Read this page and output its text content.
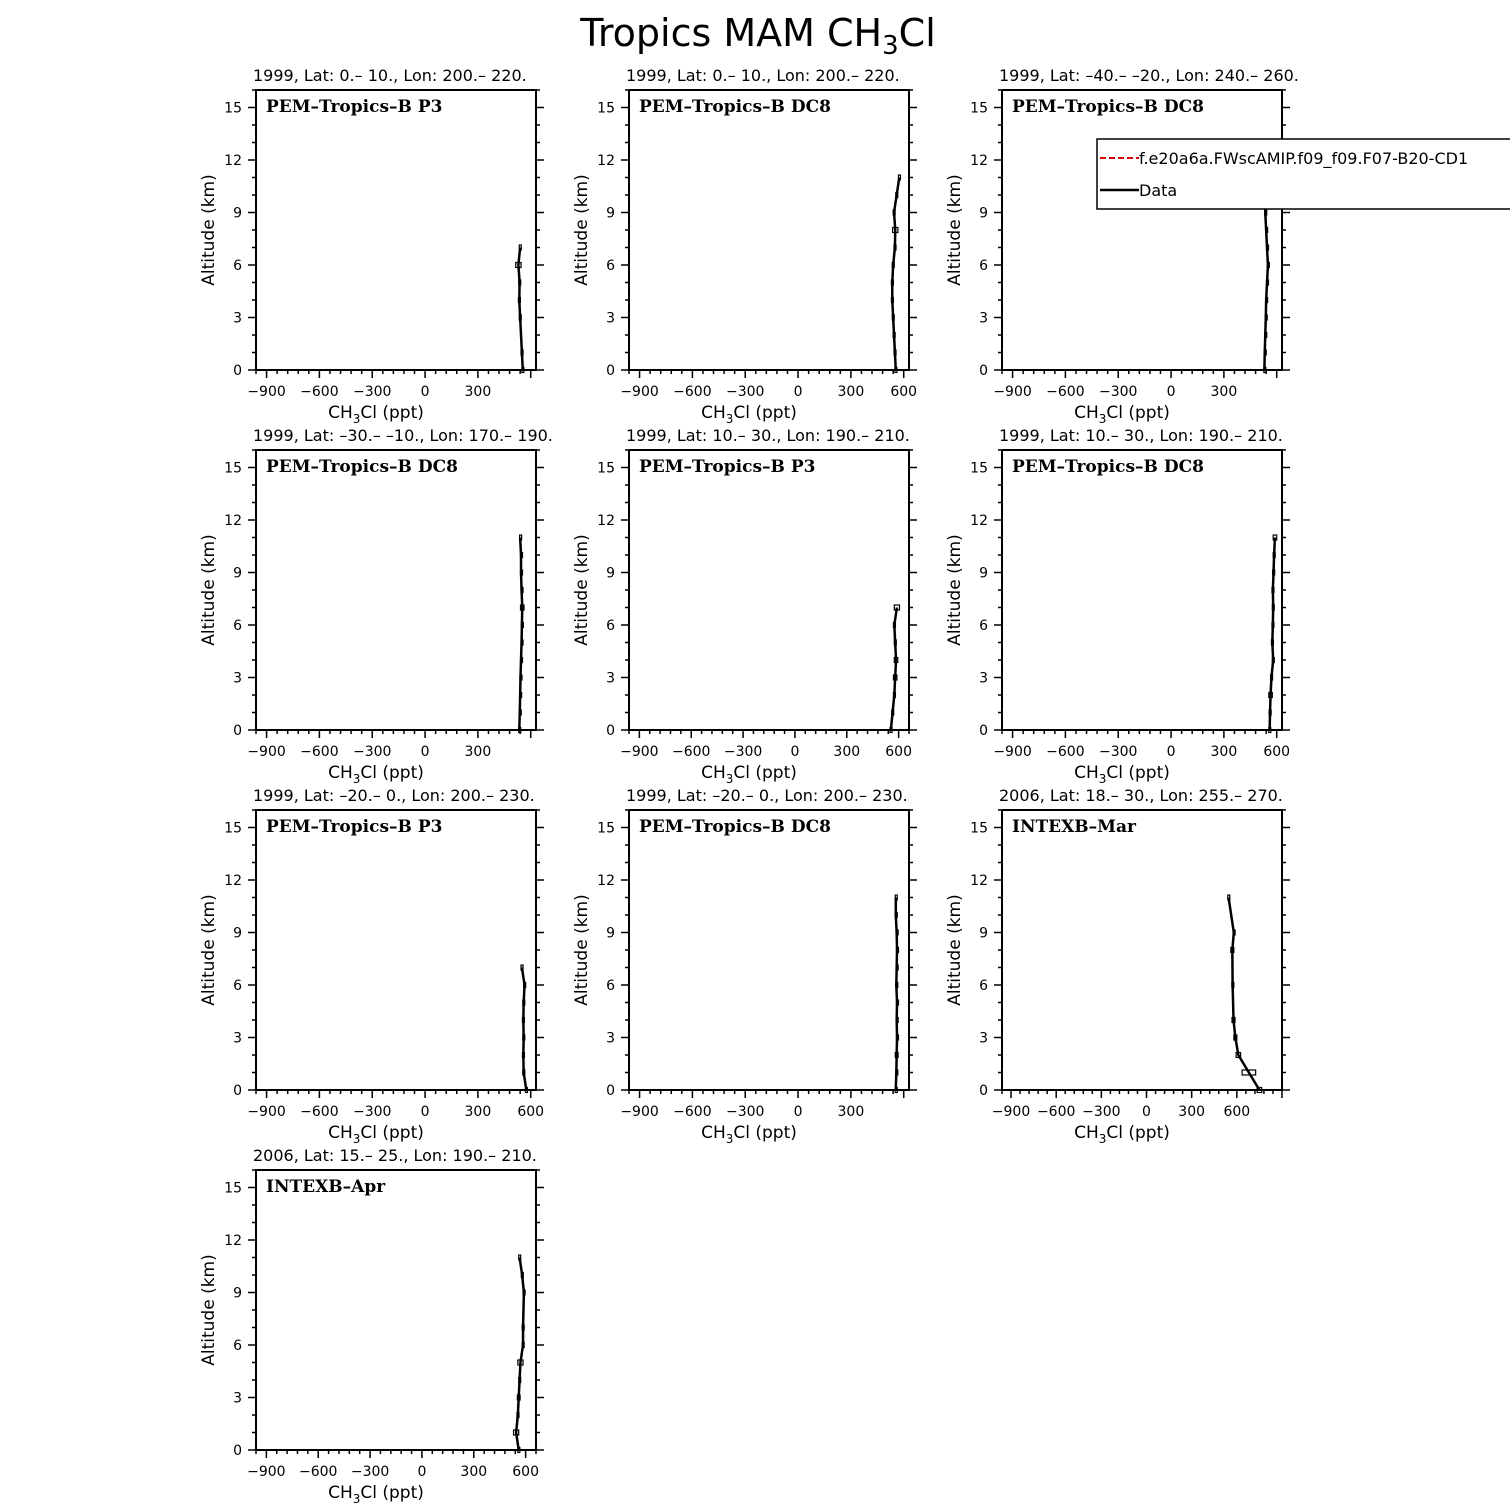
Tropics MAM $CH_3Cl$
0
3
6
9
12
15
−900 −600 −300 0	300
$CH_3Cl$ (ppt)
Altitude (km)
1999, Lat: 0.– 10., Lon: 200.– 220.
PEM–Tropics–B P3
0
3
6
9
12
15
−900 −600 −300 0	300 600
$CH_3Cl$ (ppt)
Altitude (km)
1999, Lat: 0.– 10., Lon: 200.– 220.
PEM–Tropics–B DC8
0
3
6
9
12
15
−900 −600 −300 0	300
$CH_3Cl$ (ppt)
Altitude (km)
1999, Lat: –40.– –20., Lon: 240.– 260.
PEM–Tropics–B DC8
0
3
6
9
12
15
−900 −600 −300 0	300
$CH_3Cl$ (ppt)
Altitude (km)
1999, Lat: –30.– –10., Lon: 170.– 190.
PEM–Tropics–B DC8
0
3
6
9
12
15
−900 −600 −300 0 300 600
$CH_3Cl$ (ppt)
Altitude (km)
1999, Lat: 10.– 30., Lon: 190.– 210.
PEM–Tropics–B P3
0
3
6
9
12
15
−900 −600 −300 0	300 600
$CH_3Cl$ (ppt)
Altitude (km)
1999, Lat: 10.– 30., Lon: 190.– 210.
PEM–Tropics–B DC8
0
3
6
9
12
15
−900 −600 −300 0	300 600
$CH_3Cl$ (ppt)
Altitude (km)
1999, Lat: –20.– 0., Lon: 200.– 230.
PEM–Tropics–B P3
0
3
6
9
12
15
−900 −600 −300 0	300
$CH_3Cl$ (ppt)
Altitude (km)
1999, Lat: –20.– 0., Lon: 200.– 230.
PEM–Tropics–B DC8
0
3
6
9
12
15
−900 −600 −300 0 300 600
$CH_3Cl$ (ppt)
Altitude (km)
2006, Lat: 18.– 30., Lon: 255.– 270.
INTEXB–Mar
0
3
6
9
12
15
−900 −600 −300 0 300 600
$CH_3Cl$ (ppt)
Altitude (km)
2006, Lat: 15.– 25., Lon: 190.– 210.
INTEXB–Apr
f.e20a6a.FWscAMIP.f09_f09.F07-B20-CD1
Data
